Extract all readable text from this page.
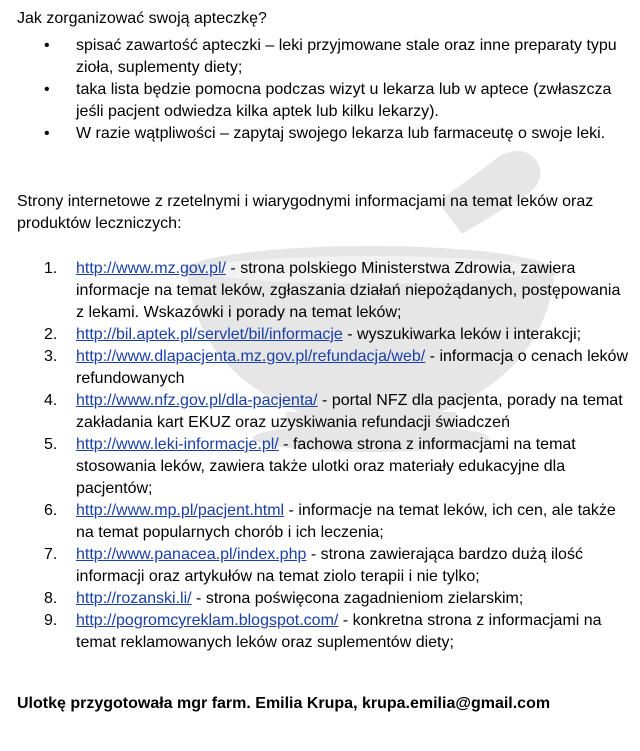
Jak zorganizować swoją apteczkę?
• spisać zawartość apteczki – leki przyjmowane stale oraz inne preparaty typu zioła, suplementy diety;
• taka lista będzie pomocna podczas wizyt u lekarza lub w aptece (zwłaszcza jeśli pacjent odwiedza kilka aptek lub kilku lekarzy).
• W razie wątpliwości – zapytaj swojego lekarza lub farmaceutę o swoje leki.
Strony internetowe z rzetelnymi i wiarygodnymi informacjami na temat leków oraz produktów leczniczych:
1. http://www.mz.gov.pl/ - strona polskiego Ministerstwa Zdrowia, zawiera informacje na temat leków, zgłaszania działań niepożądanych, postępowania z lekami. Wskazówki i porady na temat leków;
2. http://bil.aptek.pl/servlet/bil/informacje - wyszukiwarka leków i interakcji;
3. http://www.dlapacjenta.mz.gov.pl/refundacja/web/ - informacja o cenach leków refundowanych
4. http://www.nfz.gov.pl/dla-pacjenta/ - portal NFZ dla pacjenta, porady na temat zakładania kart EKUZ oraz uzyskiwania refundacji świadczeń
5. http://www.leki-informacje.pl/ - fachowa strona z informacjami na temat stosowania leków, zawiera także ulotki oraz materiały edukacyjne dla pacjentów;
6. http://www.mp.pl/pacjent.html - informacje na temat leków, ich cen, ale także na temat popularnych chorób i ich leczenia;
7. http://www.panacea.pl/index.php - strona zawierająca bardzo dużą ilość informacji oraz artykułów na temat ziolo terapii i nie tylko;
8. http://rozanski.li/ - strona poświęcona zagadnieniom zielarskim;
9. http://pogromcyreklam.blogspot.com/ - konkretna strona z informacjami na temat reklamowanych leków oraz suplementów diety;
Ulotkę przygotowała mgr farm. Emilia Krupa, krupa.emilia@gmail.com
